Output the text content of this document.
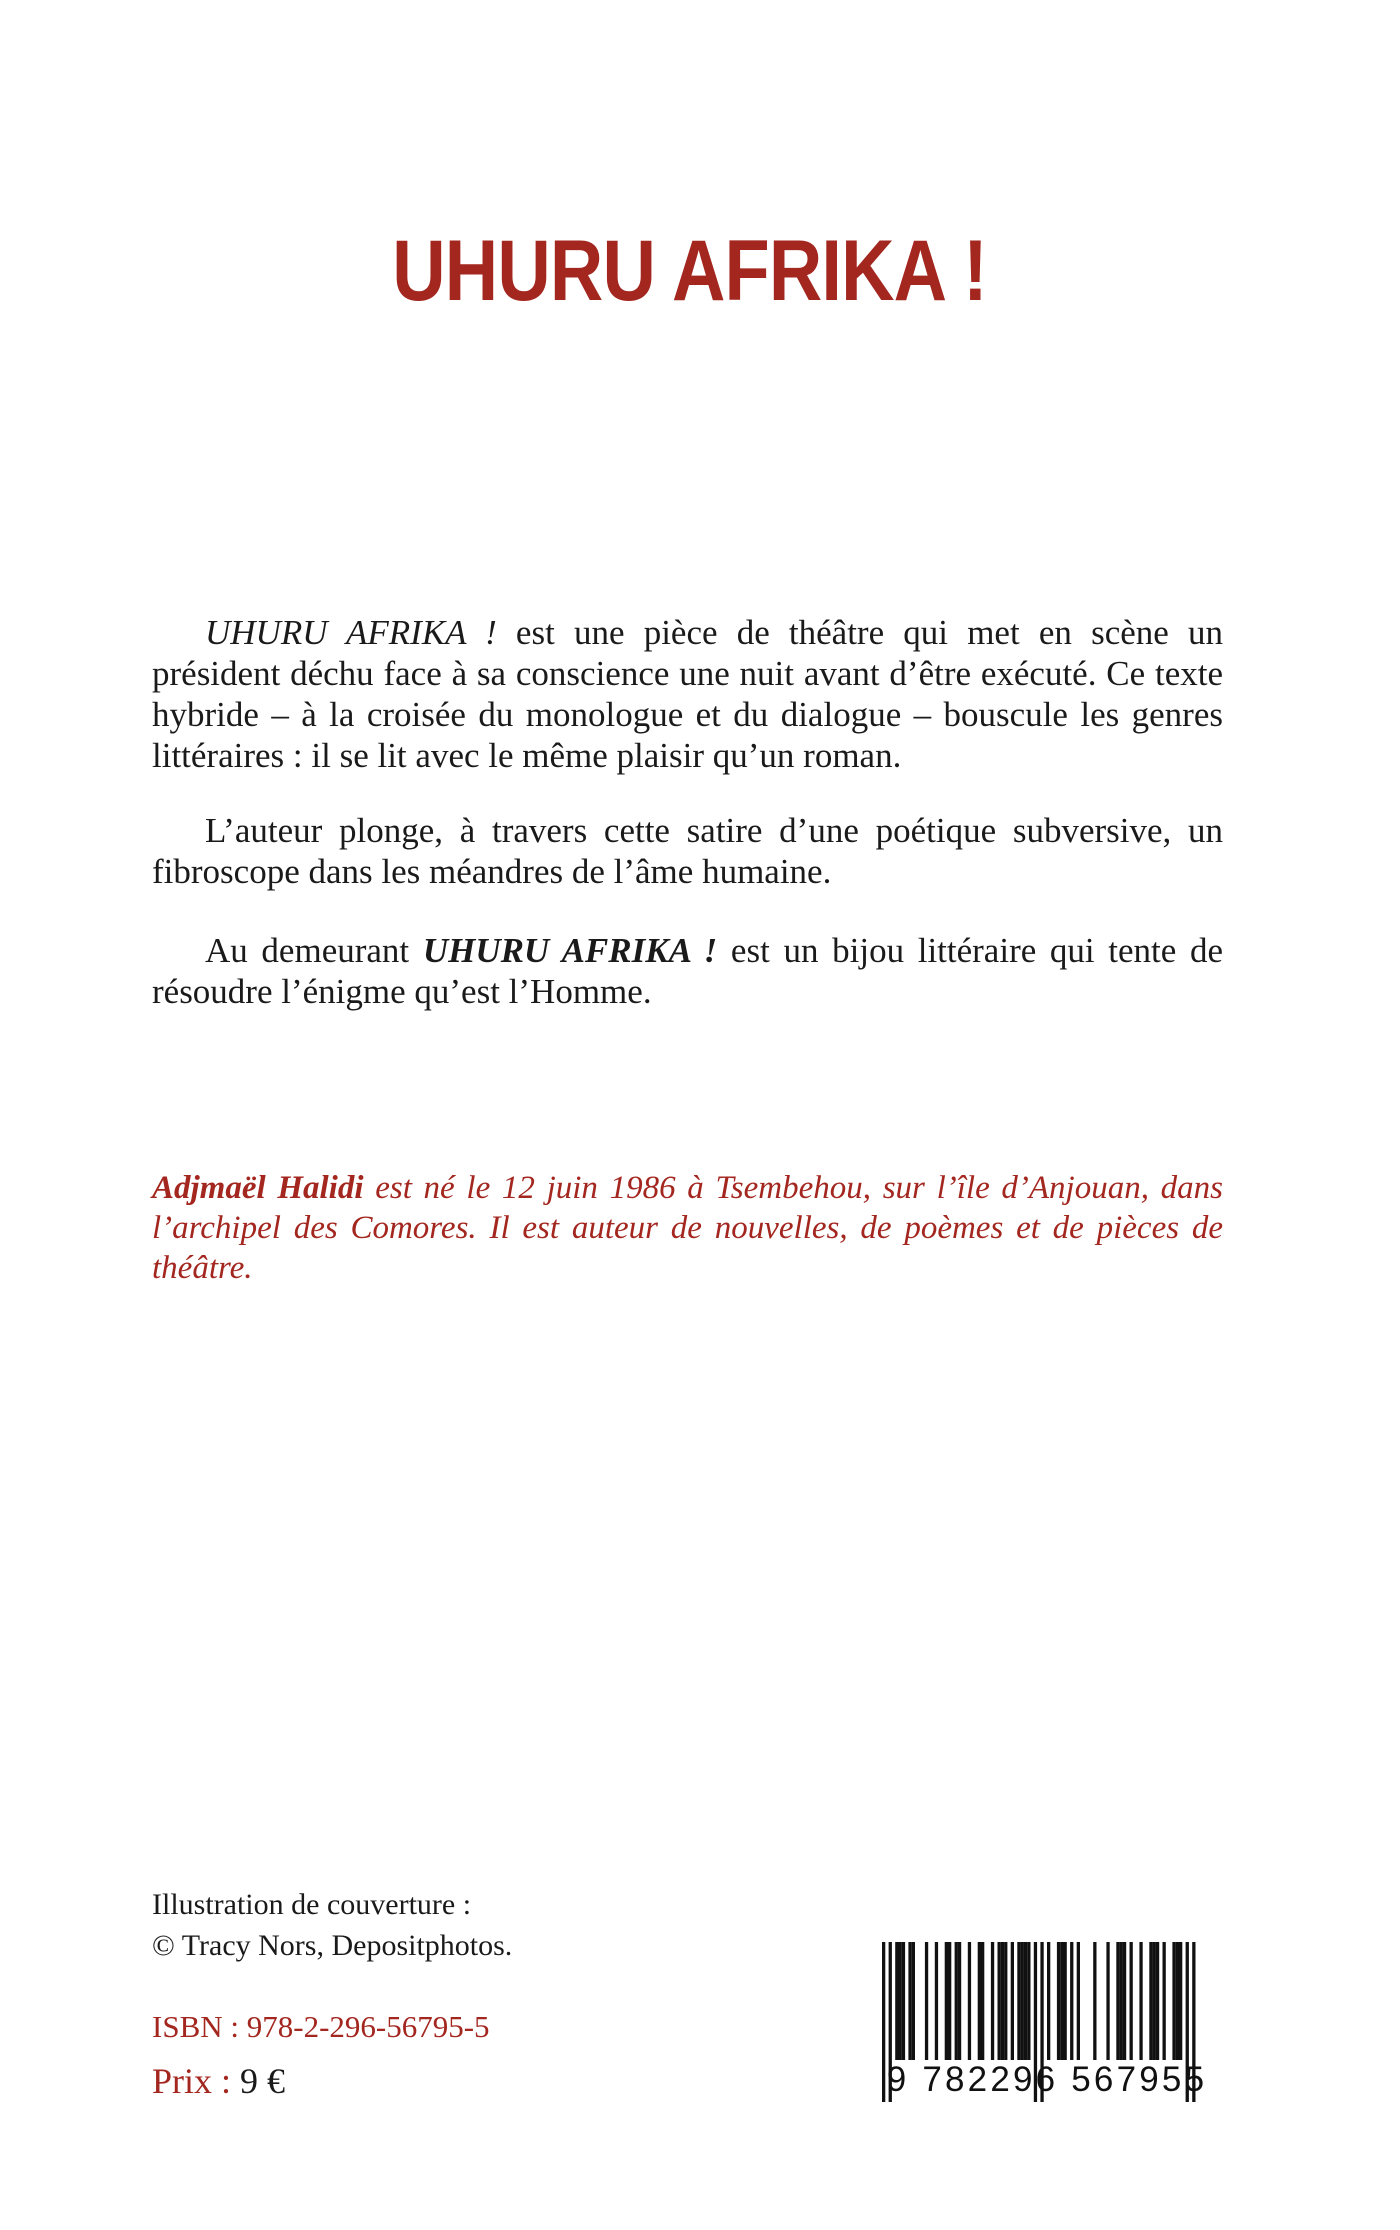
UHURU AFRIKA !

UHURU AFRIKA ! est une pièce de théâtre qui met en scène un président déchu face à sa conscience une nuit avant d’être exécuté. Ce texte hybride – à la croisée du monologue et du dialogue – bouscule les genres littéraires : il se lit avec le même plaisir qu’un roman.

L’auteur plonge, à travers cette satire d’une poétique subversive, un fibroscope dans les méandres de l’âme humaine.

Au demeurant UHURU AFRIKA ! est un bijou littéraire qui tente de résoudre l’énigme qu’est l’Homme.

Adjmaël Halidi est né le 12 juin 1986 à Tsembehou, sur l’île d’Anjouan, dans l’archipel des Comores. Il est auteur de nouvelles, de poèmes et de pièces de théâtre.

Illustration de couverture :
© Tracy Nors, Depositphotos.
ISBN : 978-2-296-56795-5
Prix : 9 €	9 782296 567955
